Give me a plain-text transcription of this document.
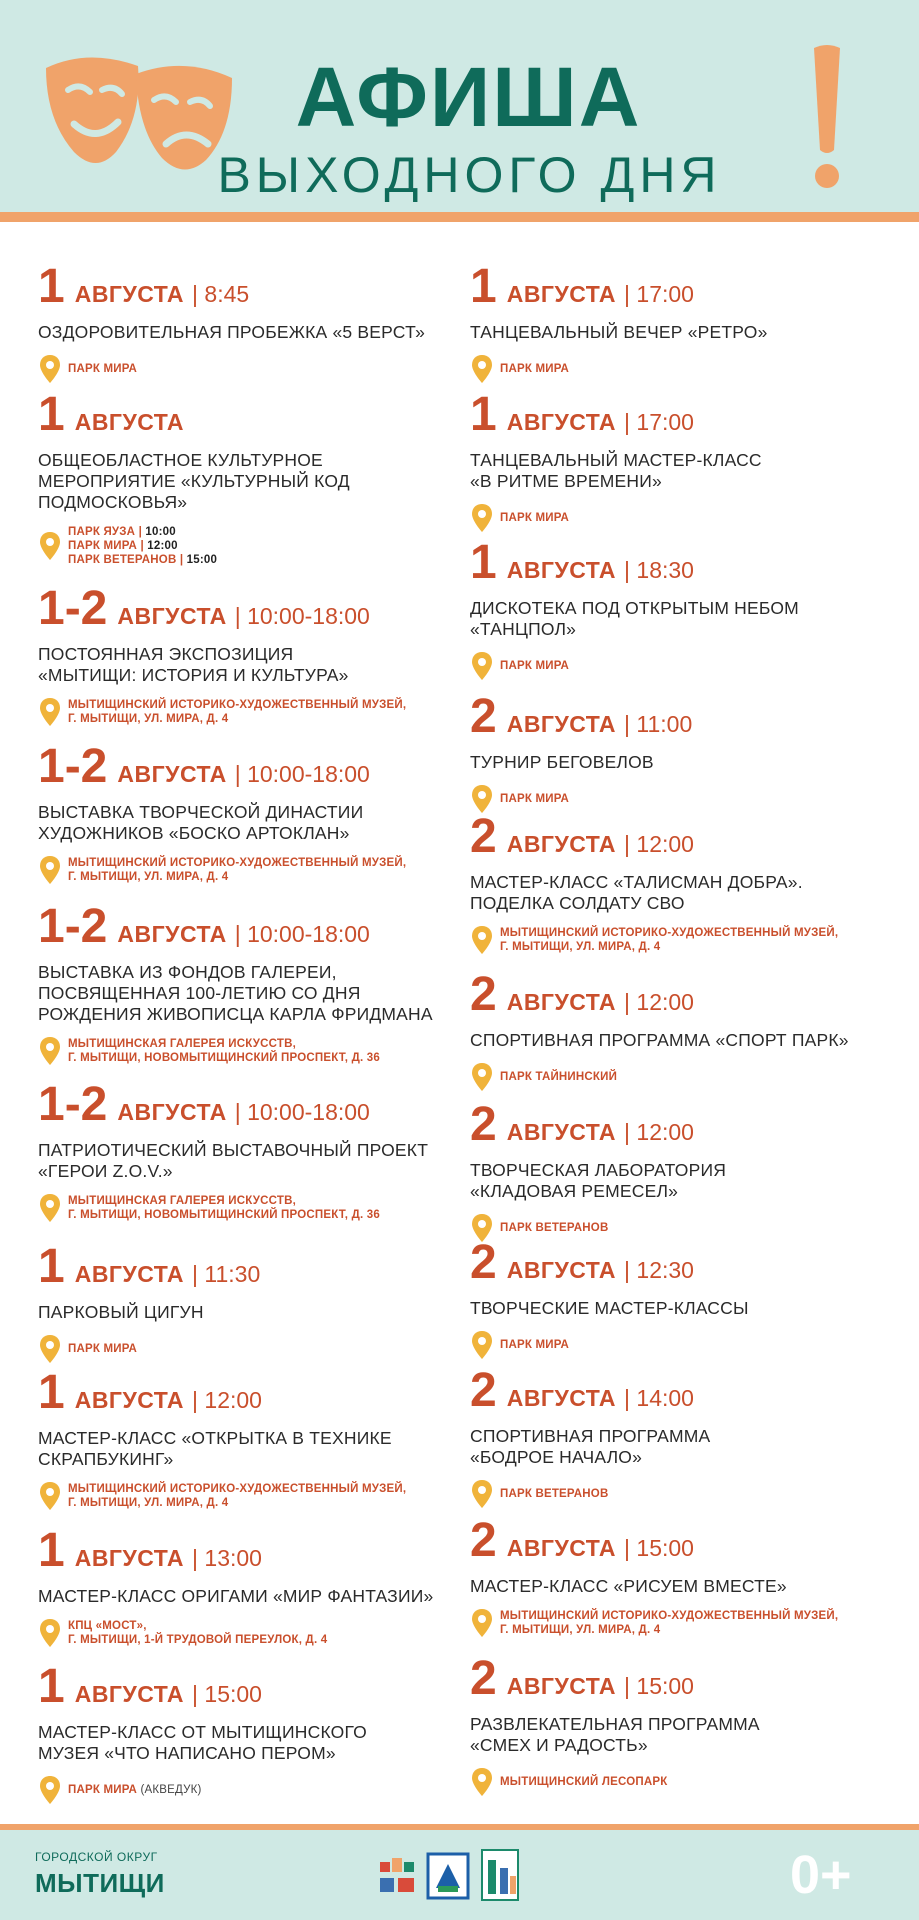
АФИША
ВЫХОДНОГО ДНЯ
1 АВГУСТА | 8:45
ОЗДОРОВИТЕЛЬНАЯ ПРОБЕЖКА «5 ВЕРСТ»
ПАРК МИРА
1 АВГУСТА
ОБЩЕОБЛАСТНОЕ КУЛЬТУРНОЕ
МЕРОПРИЯТИЕ «КУЛЬТУРНЫЙ КОД
ПОДМОСКОВЬЯ»
ПАРК ЯУЗА | 10:00
ПАРК МИРА | 12:00
ПАРК ВЕТЕРАНОВ | 15:00
1-2 АВГУСТА | 10:00-18:00
ПОСТОЯННАЯ ЭКСПОЗИЦИЯ
«МЫТИЩИ: ИСТОРИЯ И КУЛЬТУРА»
МЫТИЩИНСКИЙ ИСТОРИКО-ХУДОЖЕСТВЕННЫЙ МУЗЕЙ,
Г. МЫТИЩИ, УЛ. МИРА, Д. 4
1-2 АВГУСТА | 10:00-18:00
ВЫСТАВКА ТВОРЧЕСКОЙ ДИНАСТИИ
ХУДОЖНИКОВ «БОСКО АРТОКЛАН»
МЫТИЩИНСКИЙ ИСТОРИКО-ХУДОЖЕСТВЕННЫЙ МУЗЕЙ,
Г. МЫТИЩИ, УЛ. МИРА, Д. 4
1-2 АВГУСТА | 10:00-18:00
ВЫСТАВКА ИЗ ФОНДОВ ГАЛЕРЕИ,
ПОСВЯЩЕННАЯ 100-ЛЕТИЮ СО ДНЯ
РОЖДЕНИЯ ЖИВОПИСЦА КАРЛА ФРИДМАНА
МЫТИЩИНСКАЯ ГАЛЕРЕЯ ИСКУССТВ,
Г. МЫТИЩИ, НОВОМЫТИЩИНСКИЙ ПРОСПЕКТ, Д. 36
1-2 АВГУСТА | 10:00-18:00
ПАТРИОТИЧЕСКИЙ ВЫСТАВОЧНЫЙ ПРОЕКТ
«ГЕРОИ Z.O.V.»
МЫТИЩИНСКАЯ ГАЛЕРЕЯ ИСКУССТВ,
Г. МЫТИЩИ, НОВОМЫТИЩИНСКИЙ ПРОСПЕКТ, Д. 36
1 АВГУСТА | 11:30
ПАРКОВЫЙ ЦИГУН
ПАРК МИРА
1 АВГУСТА | 12:00
МАСТЕР-КЛАСС «ОТКРЫТКА В ТЕХНИКЕ
СКРАПБУКИНГ»
МЫТИЩИНСКИЙ ИСТОРИКО-ХУДОЖЕСТВЕННЫЙ МУЗЕЙ,
Г. МЫТИЩИ, УЛ. МИРА, Д. 4
1 АВГУСТА | 13:00
МАСТЕР-КЛАСС ОРИГАМИ «МИР ФАНТАЗИИ»
КПЦ «МОСТ»,
Г. МЫТИЩИ, 1-Й ТРУДОВОЙ ПЕРЕУЛОК, Д. 4
1 АВГУСТА | 15:00
МАСТЕР-КЛАСС ОТ МЫТИЩИНСКОГО
МУЗЕЯ «ЧТО НАПИСАНО ПЕРОМ»
ПАРК МИРА (АКВЕДУК)
1 АВГУСТА | 17:00
ТАНЦЕВАЛЬНЫЙ ВЕЧЕР «РЕТРО»
ПАРК МИРА
1 АВГУСТА | 17:00
ТАНЦЕВАЛЬНЫЙ МАСТЕР-КЛАСС
«В РИТМЕ ВРЕМЕНИ»
ПАРК МИРА
1 АВГУСТА | 18:30
ДИСКОТЕКА ПОД ОТКРЫТЫМ НЕБОМ
«ТАНЦПОЛ»
ПАРК МИРА
2 АВГУСТА | 11:00
ТУРНИР БЕГОВЕЛОВ
ПАРК МИРА
2 АВГУСТА | 12:00
МАСТЕР-КЛАСС «ТАЛИСМАН ДОБРА».
ПОДЕЛКА СОЛДАТУ СВО
МЫТИЩИНСКИЙ ИСТОРИКО-ХУДОЖЕСТВЕННЫЙ МУЗЕЙ,
Г. МЫТИЩИ, УЛ. МИРА, Д. 4
2 АВГУСТА | 12:00
СПОРТИВНАЯ ПРОГРАММА «СПОРТ ПАРК»
ПАРК ТАЙНИНСКИЙ
2 АВГУСТА | 12:00
ТВОРЧЕСКАЯ ЛАБОРАТОРИЯ
«КЛАДОВАЯ РЕМЕСЕЛ»
ПАРК ВЕТЕРАНОВ
2 АВГУСТА | 12:30
ТВОРЧЕСКИЕ МАСТЕР-КЛАССЫ
ПАРК МИРА
2 АВГУСТА | 14:00
СПОРТИВНАЯ ПРОГРАММА
«БОДРОЕ НАЧАЛО»
ПАРК ВЕТЕРАНОВ
2 АВГУСТА | 15:00
МАСТЕР-КЛАСС «РИСУЕМ ВМЕСТЕ»
МЫТИЩИНСКИЙ ИСТОРИКО-ХУДОЖЕСТВЕННЫЙ МУЗЕЙ,
Г. МЫТИЩИ, УЛ. МИРА, Д. 4
2 АВГУСТА | 15:00
РАЗВЛЕКАТЕЛЬНАЯ ПРОГРАММА
«СМЕХ И РАДОСТЬ»
МЫТИЩИНСКИЙ ЛЕСОПАРК
ГОРОДСКОЙ ОКРУГ
МЫТИЩИ	0+
